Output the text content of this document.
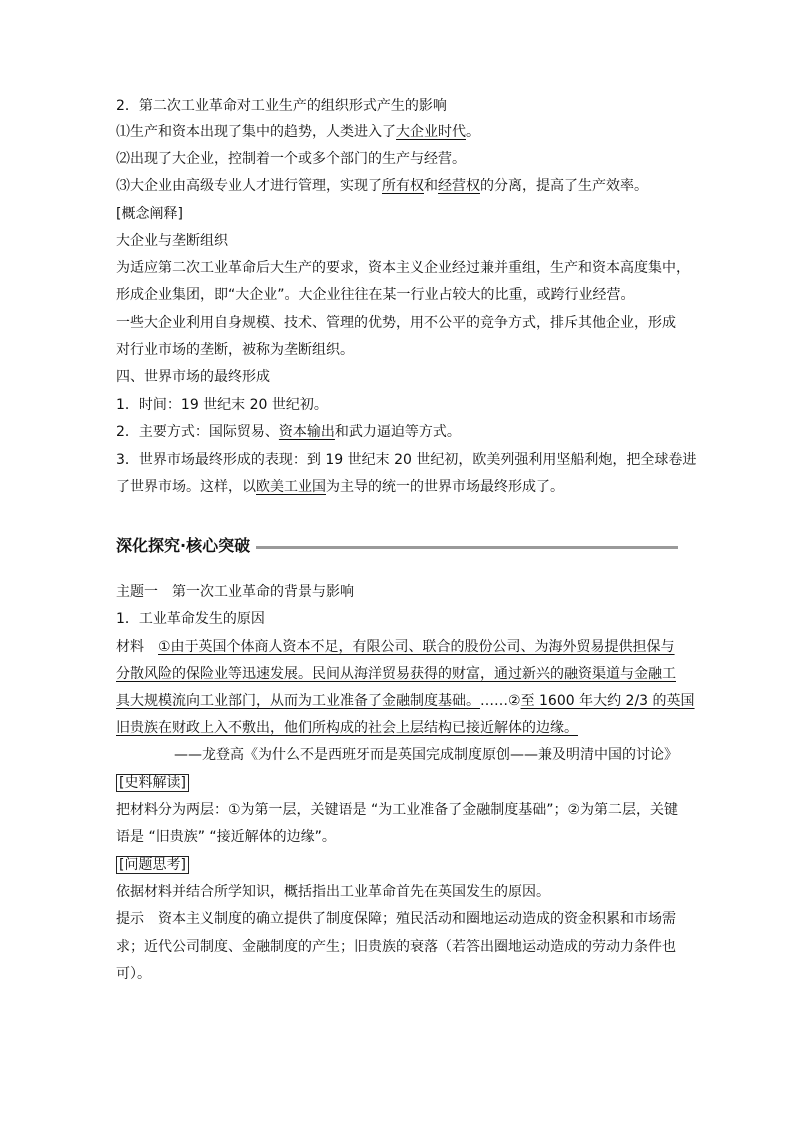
2．第二次工业革命对工业生产的组织形式产生的影响
⑴生产和资本出现了集中的趋势，人类进入了大企业时代。
⑵出现了大企业，控制着一个或多个部门的生产与经营。
⑶大企业由高级专业人才进行管理，实现了所有权和经营权的分离，提高了生产效率。
[概念阐释]
大企业与垄断组织
为适应第二次工业革命后大生产的要求，资本主义企业经过兼并重组，生产和资本高度集中，
形成企业集团，即“大企业”。大企业往往在某一行业占较大的比重，或跨行业经营。
一些大企业利用自身规模、技术、管理的优势，用不公平的竞争方式，排斥其他企业，形成
对行业市场的垄断，被称为垄断组织。
四、世界市场的最终形成
1．时间：19 世纪末 20 世纪初。
2．主要方式：国际贸易、资本输出和武力逼迫等方式。
3．世界市场最终形成的表现：到 19 世纪末 20 世纪初，欧美列强利用坚船利炮，把全球卷进
了世界市场。这样，以欧美工业国为主导的统一的世界市场最终形成了。
深化探究·核心突破
主题一　第一次工业革命的背景与影响
1．工业革命发生的原因
材料　①由于英国个体商人资本不足，有限公司、联合的股份公司、为海外贸易提供担保与
分散风险的保险业等迅速发展。民间从海洋贸易获得的财富，通过新兴的融资渠道与金融工
具大规模流向工业部门，从而为工业准备了金融制度基础。……②至 1600 年大约 2/3 的英国
旧贵族在财政上入不敷出，他们所构成的社会上层结构已接近解体的边缘。
——龙登高《为什么不是西班牙而是英国完成制度原创——兼及明清中国的讨论》
[史料解读]
把材料分为两层：①为第一层，关键语是 “为工业准备了金融制度基础”；②为第二层，关键
语是 “旧贵族” “接近解体的边缘”。
[问题思考]
依据材料并结合所学知识，概括指出工业革命首先在英国发生的原因。
提示　资本主义制度的确立提供了制度保障；殖民活动和圈地运动造成的资金积累和市场需
求；近代公司制度、金融制度的产生；旧贵族的衰落（若答出圈地运动造成的劳动力条件也
可）。
